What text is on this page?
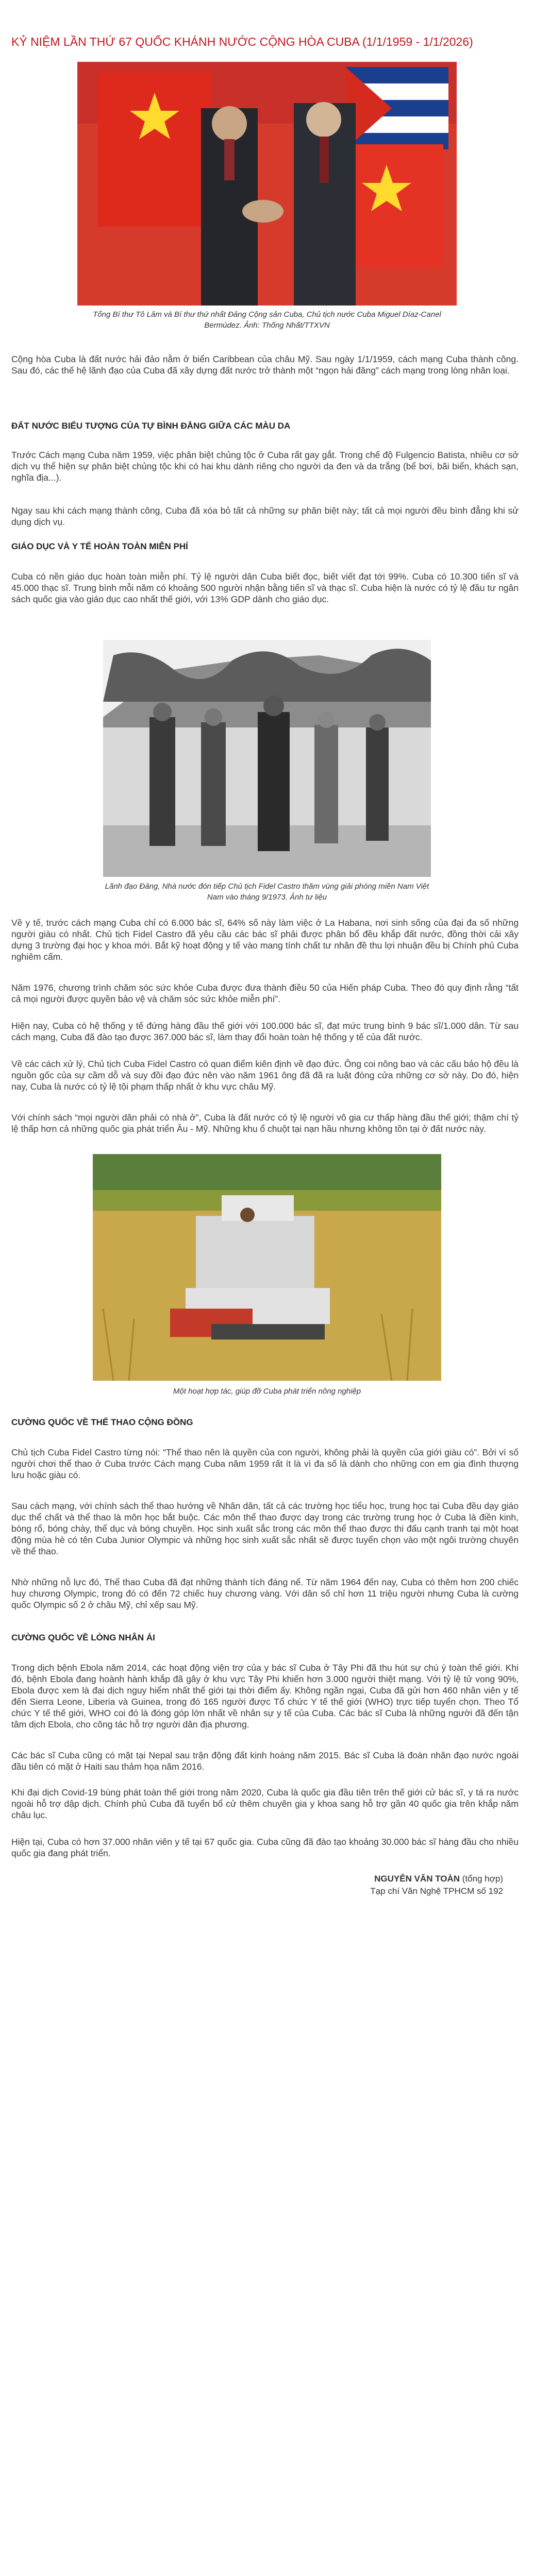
KỶ NIỆM LẦN THỨ 67 QUỐC KHÁNH NƯỚC CỘNG HÒA CUBA (1/1/1959 - 1/1/2026)
Tổng Bí thư Tô Lâm và Bí thư thứ nhất Đảng Cộng sản Cuba, Chủ tịch nước Cuba Miguel Díaz-Canel Bermúdez. Ảnh: Thống Nhất/TTXVN

Cộng hòa Cuba là đất nước hải đảo nằm ở biển Caribbean của châu Mỹ. Sau ngày 1/1/1959, cách mạng Cuba thành công. Sau đó, các thế hệ lãnh đạo của Cuba đã xây dựng đất nước trở thành một “ngọn hải đăng” cách mạng trong lòng nhân loại.

ĐẤT NƯỚC BIỂU TƯỢNG CỦA TỰ BÌNH ĐẲNG GIỮA CÁC MÀU DA

Trước Cách mạng Cuba năm 1959, việc phân biệt chủng tộc ở Cuba rất gay gắt. Trong chế độ Fulgencio Batista, nhiều cơ sở dịch vụ thể hiện sự phân biệt chủng tộc khi có hai khu dành riêng cho người da đen và da trắng (bể bơi, bãi biển, khách sạn, nghĩa địa...).

Ngay sau khi cách mạng thành công, Cuba đã xóa bỏ tất cả những sự phân biệt này; tất cả mọi người đều bình đẳng khi sử dụng dịch vụ.

GIÁO DỤC VÀ Y TẾ HOÀN TOÀN MIỄN PHÍ

Cuba có nền giáo dục hoàn toàn miễn phí. Tỷ lệ người dân Cuba biết đọc, biết viết đạt tới 99%. Cuba có 10.300 tiến sĩ và 45.000 thạc sĩ. Trung bình mỗi năm có khoảng 500 người nhận bằng tiến sĩ và thạc sĩ. Cuba hiện là nước có tỷ lệ đầu tư ngân sách quốc gia vào giáo dục cao nhất thế giới, với 13% GDP dành cho giáo dục.

Lãnh đạo Đảng, Nhà nước đón tiếp Chủ tịch Fidel Castro thăm vùng giải phóng miền Nam Việt Nam vào tháng 9/1973. Ảnh tư liệu

Về y tế, trước cách mạng Cuba chỉ có 6.000 bác sĩ, 64% số này làm việc ở La Habana, nơi sinh sống của đại đa số những người giàu có nhất. Chủ tịch Fidel Castro đã yêu cầu các bác sĩ phải được phân bổ đều khắp đất nước, đồng thời cải xây dựng 3 trường đại học y khoa mới. Bắt kỹ hoạt động y tế vào mang tính chất tư nhân đề thu lợi nhuận đều bị Chính phủ Cuba nghiêm cấm.

Năm 1976, chương trình chăm sóc sức khỏe Cuba được đưa thành điều 50 của Hiến pháp Cuba. Theo đó quy định rằng “tất cả mọi người được quyền bảo vệ và chăm sóc sức khỏe miễn phí”.

Hiện nay, Cuba có hệ thống y tế đứng hàng đầu thế giới với 100.000 bác sĩ, đạt mức trung bình 9 bác sĩ/1.000 dân. Từ sau cách mạng, Cuba đã đào tạo được 367.000 bác sĩ, làm thay đổi hoàn toàn hệ thống y tế của đất nước.

Về các cách xử lý, Chủ tịch Cuba Fidel Castro có quan điểm kiên định về đạo đức. Ông coi nông bao và các cấu bảo hộ đều là nguồn gốc của sự cầm dỗ và suy đồi đạo đức nên vào năm 1961 ông đã đã ra luật đóng cửa những cơ sở này. Do đó, hiện nay, Cuba là nước có tỷ lệ tội phạm thấp nhất ở khu vực châu Mỹ.

Với chính sách “mọi người dân phải có nhà ở”, Cuba là đất nước có tỷ lệ người vô gia cư thấp hàng đầu thế giới; thậm chí tỷ lệ thấp hơn cả những quốc gia phát triển Âu - Mỹ. Những khu ổ chuột tại nạn hầu nhưng không tồn tại ở đất nước này.

Một hoạt hợp tác, giúp đỡ Cuba phát triển nông nghiệp
CƯỜNG QUỐC VỀ THỂ THAO CỘNG ĐỒNG

Chủ tịch Cuba Fidel Castro từng nói: “Thể thao nên là quyền của con người, không phải là quyền của giới giàu có”. Bởi vì số người chơi thể thao ở Cuba trước Cách mạng Cuba năm 1959 rất ít là vì đa số là dành cho những con em gia đình thượng lưu hoặc giàu có.

Sau cách mạng, với chính sách thể thao hướng về Nhân dân, tất cả các trường học tiểu học, trung học tại Cuba đều dạy giáo dục thể chất và thể thao là môn học bắt buộc. Các môn thể thao được dạy trong các trường trung học ở Cuba là điền kinh, bóng rổ, bóng chày, thể dục và bóng chuyền. Học sinh xuất sắc trong các môn thể thao được thi đấu cạnh tranh tại một hoạt động mùa hè có tên Cuba Junior Olympic và những học sinh xuất sắc nhất sẽ được tuyển chọn vào một ngôi trường chuyên về thể thao.

Nhờ những nỗ lực đó, Thể thao Cuba đã đạt những thành tích đáng nể. Từ năm 1964 đến nay, Cuba có thêm hơn 200 chiếc huy chương Olympic, trong đó có đến 72 chiếc huy chương vàng. Với dân số chỉ hơn 11 triệu người nhưng Cuba là cường quốc Olympic số 2 ở châu Mỹ, chỉ xếp sau Mỹ.

CƯỜNG QUỐC VỀ LÒNG NHÂN ÁI

Trong dịch bệnh Ebola năm 2014, các hoạt động viện trợ của y bác sĩ Cuba ở Tây Phi đã thu hút sự chú ý toàn thế giới. Khi đó, bệnh Ebola đang hoành hành khắp đã gây ở khu vực Tây Phi khiến hơn 3.000 người thiệt mạng. Với tỷ lệ tử vong 90%, Ebola được xem là đại dịch nguy hiểm nhất thế giới tại thời điểm ấy. Không ngần ngại, Cuba đã gửi hơn 460 nhân viên y tế đến Sierra Leone, Liberia và Guinea, trong đó 165 người được Tổ chức Y tế thế giới (WHO) trực tiếp tuyển chọn. Theo Tổ chức Y tế thế giới, WHO coi đó là đóng góp lớn nhất về nhân sự y tế của Cuba. Các bác sĩ Cuba là những người đã đến tận tâm dịch Ebola, cho công tác hỗ trợ người dân địa phương.

Các bác sĩ Cuba cũng có mặt tại Nepal sau trận động đất kinh hoàng năm 2015. Bác sĩ Cuba là đoàn nhân đạo nước ngoài đầu tiên có mặt ở Haiti sau thảm họa năm 2016.

Khi đại dịch Covid-19 bùng phát toàn thế giới trong năm 2020, Cuba là quốc gia đầu tiên trên thế giới cử bác sĩ, y tá ra nước ngoài hỗ trợ dập dịch. Chính phủ Cuba đã tuyển bổ cử thêm chuyên gia y khoa sang hỗ trợ gần 40 quốc gia trên khắp năm châu lục.

Hiện tại, Cuba có hơn 37.000 nhân viên y tế tại 67 quốc gia. Cuba cũng đã đào tạo khoảng 30.000 bác sĩ hàng đầu cho nhiều quốc gia đang phát triển.

NGUYỄN VĂN TOÀN (tổng hợp)

Tạp chí Văn Nghệ TPHCM số 192
